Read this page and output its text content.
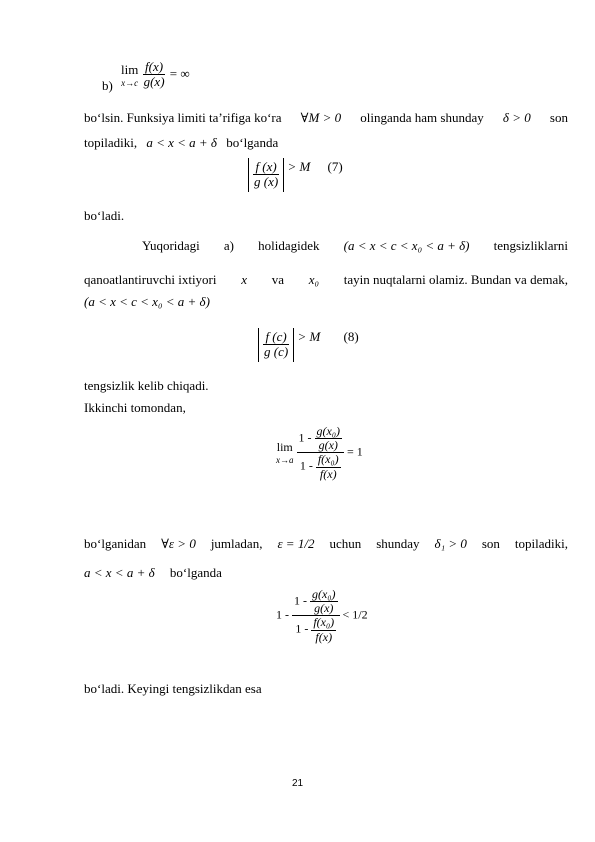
b)
lim
x→c
$\frac{f(x)}{g(x)}$ = ∞
bo‘lsin. Funksiya limiti ta’rifiga ko‘ra ∀M > 0 olinganda ham shunday δ > 0 son
topiladiki, a < x < a + δ bo‘lganda
$\frac{f (x)}{g (x)} > M$ (7)
bo‘ladi.
Yuqoridagi a) holidagidek (a < x < c < x₀ < a + δ) tengsizliklarni
qanoatlantiruvchi ixtiyori x va x₀ tayin nuqtalarni olamiz. Bundan va demak,
(a < x < c < x₀ < a + δ)
$\frac{f (c)}{g (c)} > M$ (8)
tengsizlik kelib chiqadi.
Ikkinchi tomondan,
lim
x→a
$\frac{1 - \frac{\text{g(x₀)}}{g(x)}}{1 - \frac{\text{f(x₀)}}{f(x)}} = 1$
bo‘lganidan ∀ε > 0 jumladan, ε = 1/2 uchun shunday δ₁ > 0 son topiladiki,
a < x < a + δ bo‘lganda
$1 - \frac{1 - \frac{\text{g(x₀)}}{g(x)}}{1 - \frac{\text{f(x₀)}}{f(x)}} < 1/2$
bo‘ladi. Keyingi tengsizlikdan esa
21
